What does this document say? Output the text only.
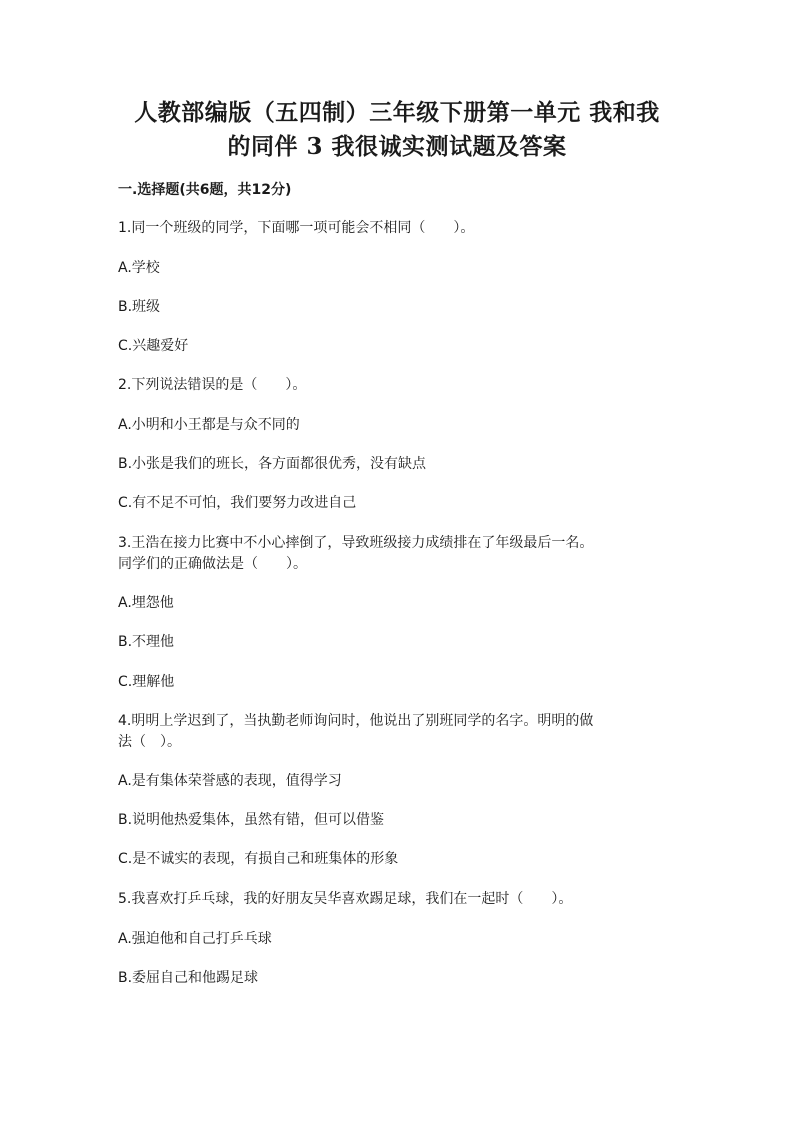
人教部编版（五四制）三年级下册第一单元 我和我
的同伴 3 我很诚实测试题及答案

一.选择题(共6题，共12分)

1.同一个班级的同学，下面哪一项可能会不相同（　　）。

A.学校

B.班级

C.兴趣爱好

2.下列说法错误的是（　　）。

A.小明和小王都是与众不同的

B.小张是我们的班长，各方面都很优秀，没有缺点

C.有不足不可怕，我们要努力改进自己

3.王浩在接力比赛中不小心摔倒了，导致班级接力成绩排在了年级最后一名。

同学们的正确做法是（　　）。

A.埋怨他

B.不理他

C.理解他

4.明明上学迟到了，当执勤老师询问时，他说出了别班同学的名字。明明的做

法（　）。

A.是有集体荣誉感的表现，值得学习

B.说明他热爱集体，虽然有错，但可以借鉴

C.是不诚实的表现，有损自己和班集体的形象

5.我喜欢打乒乓球，我的好朋友吴华喜欢踢足球，我们在一起时（　　）。

A.强迫他和自己打乒乓球

B.委屈自己和他踢足球
